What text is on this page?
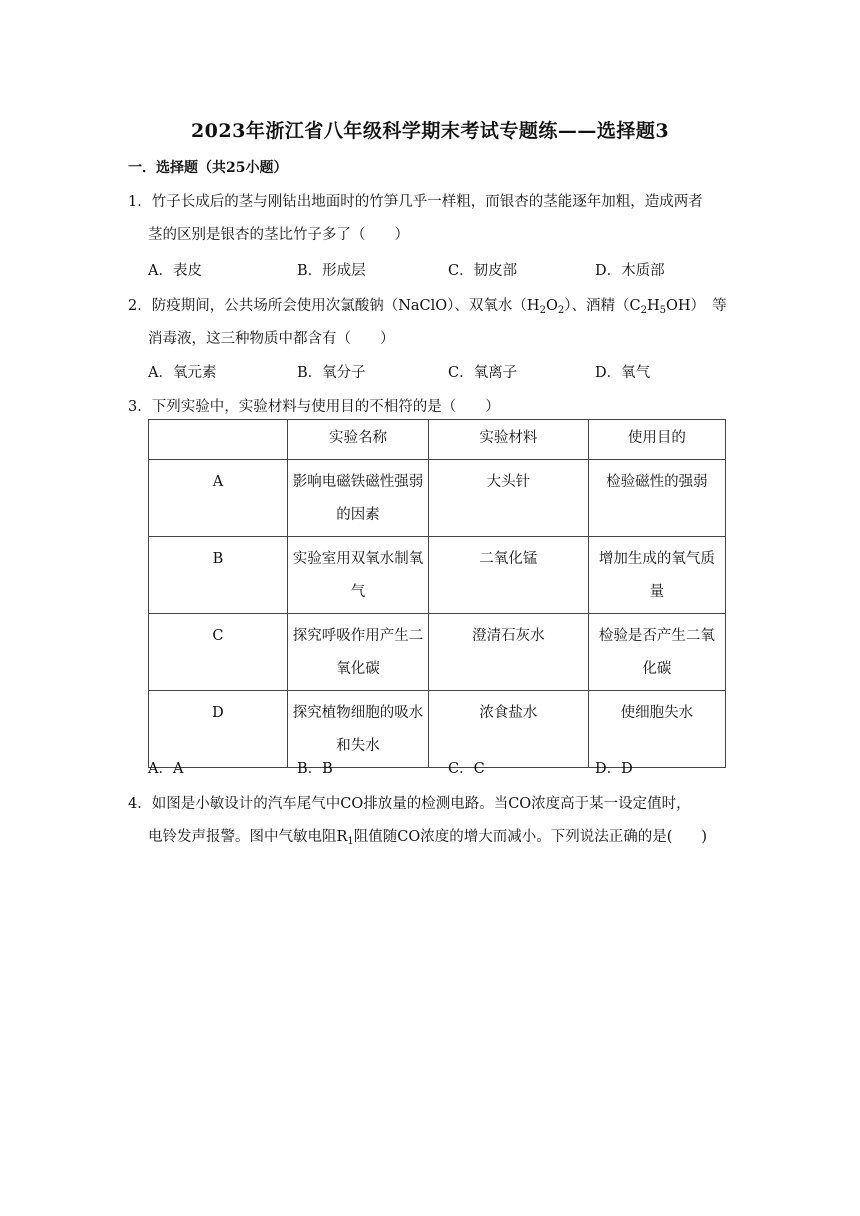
2023年浙江省八年级科学期末考试专题练——选择题3
一．选择题（共25小题）
1．竹子长成后的茎与刚钻出地面时的竹笋几乎一样粗，而银杏的茎能逐年加粗，造成两者
茎的区别是银杏的茎比竹子多了（　　）
A．表皮	B．形成层	C．韧皮部	D．木质部
2．防疫期间，公共场所会使用次氯酸钠（NaClO）、双氧水$(H_2O_2)$、酒精$(C_2H_5OH)$　等
消毒液，这三种物质中都含有（　　）
A．氧元素	B．氧分子	C．氧离子	D．氧气
3．下列实验中，实验材料与使用目的不相符的是（　　）
	实验名称	实验材料	使用目的
A	影响电磁铁磁性强弱的因素	大头针	检验磁性的强弱
B	实验室用双氧水制氧气	二氧化锰	增加生成的氧气质量
C	探究呼吸作用产生二氧化碳	澄清石灰水	检验是否产生二氧化碳
D	探究植物细胞的吸水和失水	浓食盐水	使细胞失水
A．A	B．B	C．C	D．D
4．如图是小敏设计的汽车尾气中CO排放量的检测电路。当CO浓度高于某一设定值时，
电铃发声报警。图中气敏电阻$R_1$阻值随CO浓度的增大而减小。下列说法正确的是(　　)
